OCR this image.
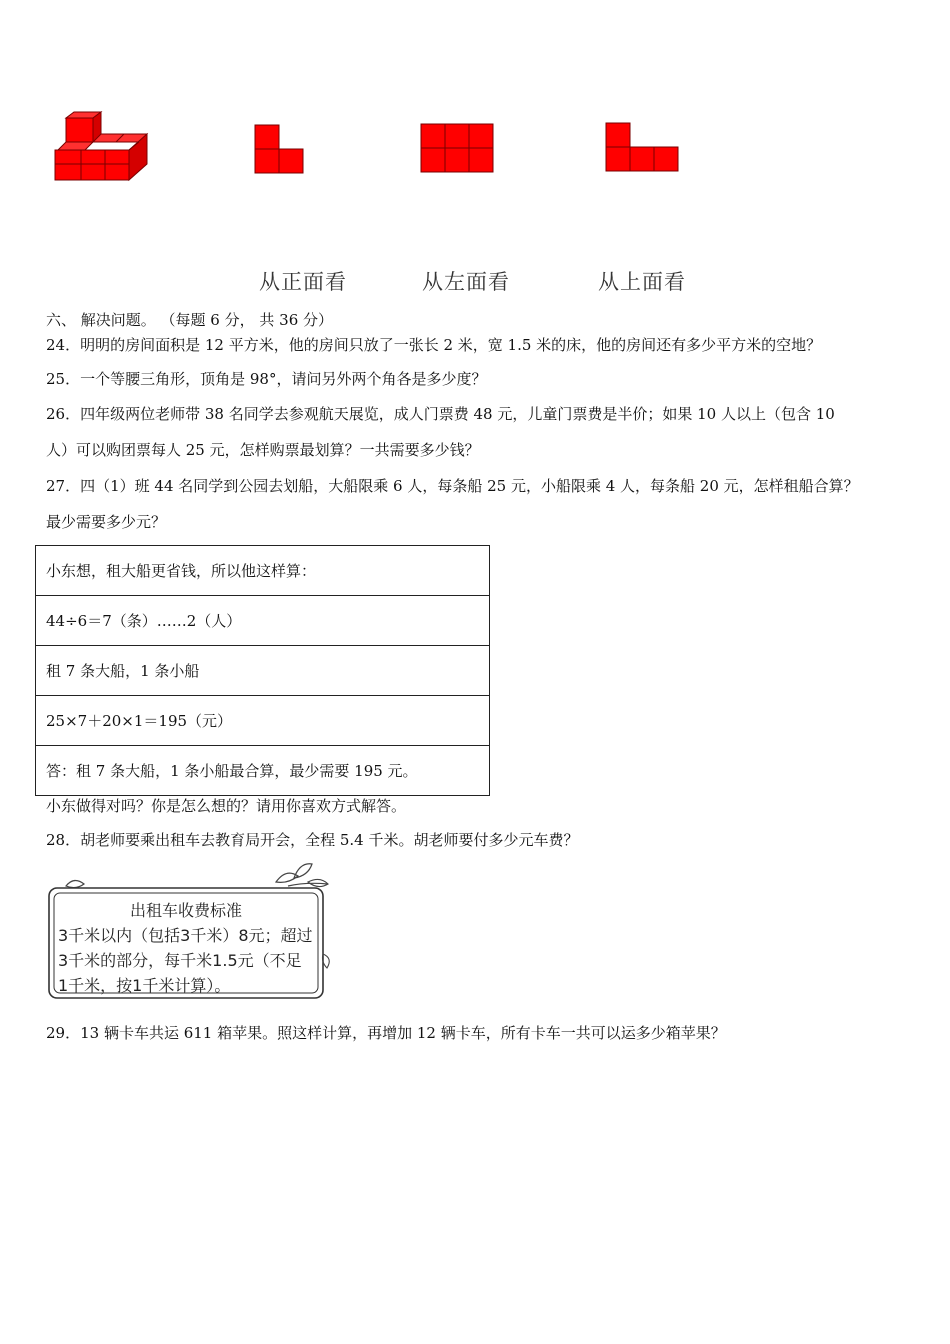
从正面看	从左面看	从上面看
六、 解决问题。 （每题 6 分， 共 36 分）
24．明明的房间面积是 12 平方米，他的房间只放了一张长 2 米，宽 1.5 米的床，他的房间还有多少平方米的空地？
25．一个等腰三角形，顶角是 98°，请问另外两个角各是多少度？
26．四年级两位老师带 38 名同学去参观航天展览，成人门票费 48 元，儿童门票费是半价；如果 10 人以上（包含 10
人）可以购团票每人 25 元，怎样购票最划算？一共需要多少钱？
27．四（1）班 44 名同学到公园去划船，大船限乘 6 人，每条船 25 元，小船限乘 4 人，每条船 20 元，怎样租船合算？
最少需要多少元？
小东想，租大船更省钱，所以他这样算：
44÷6＝7（条）……2（人）
租 7 条大船，1 条小船
25×7＋20×1＝195（元）
答：租 7 条大船，1 条小船最合算，最少需要 195 元。
小东做得对吗？你是怎么想的？请用你喜欢方式解答。
28．胡老师要乘出租车去教育局开会，全程 5.4 千米。胡老师要付多少元车费？
出租车收费标准
3千米以内（包括3千米）8元；超过
3千米的部分，每千米1.5元（不足
1千米，按1千米计算）。
29．13 辆卡车共运 611 箱苹果。照这样计算，再增加 12 辆卡车，所有卡车一共可以运多少箱苹果？
